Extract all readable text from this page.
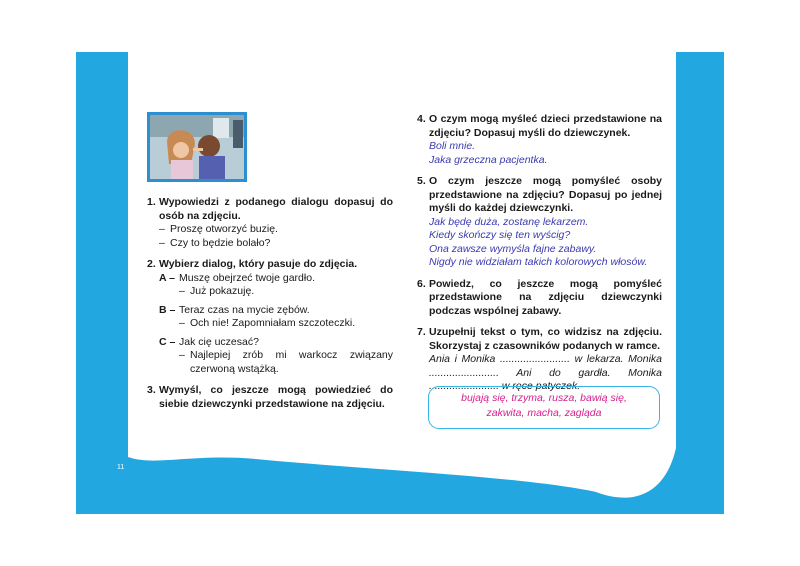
1. Wypowiedzi z podanego dialogu dopasuj do osób na zdjęciu.
– Proszę otworzyć buzię.
– Czy to będzie bolało?
2. Wybierz dialog, który pasuje do zdjęcia.
A – Muszę obejrzeć twoje gardło.
– Już pokazuję.
B – Teraz czas na mycie zębów.
– Och nie! Zapomniałam szczoteczki.
C – Jak cię uczesać?
– Najlepiej zrób mi warkocz związany czerwoną wstążką.
3. Wymyśl, co jeszcze mogą powiedzieć do siebie dziewczynki przedstawione na zdjęciu.
4. O czym mogą myśleć dzieci przedstawione na zdjęciu? Dopasuj myśli do dziewczynek.
Boli mnie.
Jaka grzeczna pacjentka.
5. O czym jeszcze mogą pomyśleć osoby przedstawione na zdjęciu? Dopasuj po jednej myśli do każdej dziewczynki.
Jak będę duża, zostanę lekarzem.
Kiedy skończy się ten wyścig?
Ona zawsze wymyśla fajne zabawy.
Nigdy nie widziałam takich kolorowych włosów.
6. Powiedz, co jeszcze mogą pomyśleć przedstawione na zdjęciu dziewczynki podczas wspólnej zabawy.
7. Uzupełnij tekst o tym, co widzisz na zdjęciu. Skorzystaj z czasowników podanych w ramce.
Ania i Monika ........................ w lekarza. Monika ........................ Ani do gardła. Monika ........................ w ręce patyczek.
bujają się, trzyma, rusza, bawią się,
zakwita, macha, zagląda
11
